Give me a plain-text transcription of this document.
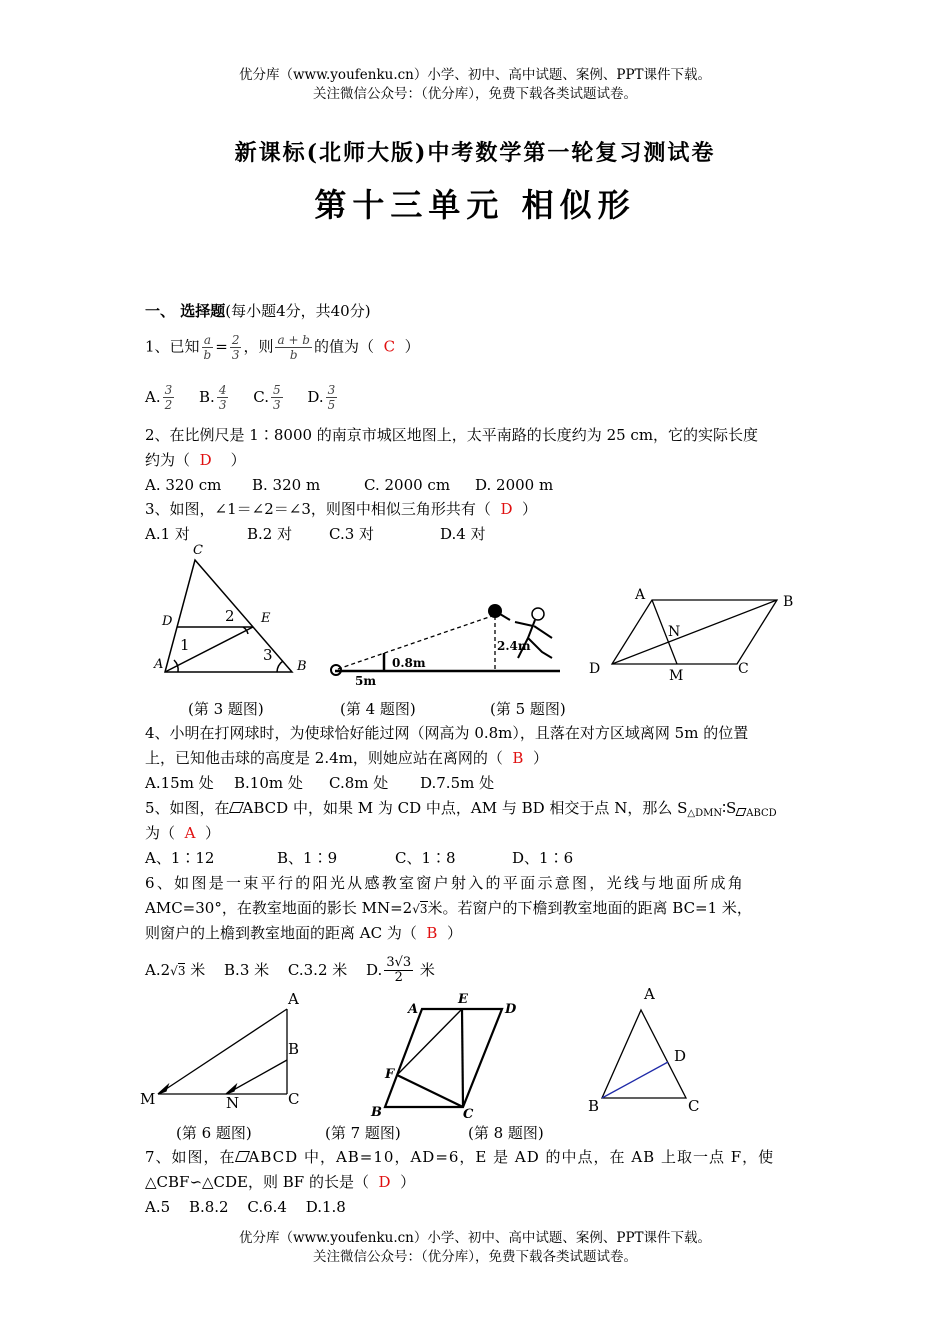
优分库（www.youfenku.cn）小学、初中、高中试题、案例、PPT课件下载。
关注微信公众号：（优分库），免费下载各类试题试卷。
新课标(北师大版)中考数学第一轮复习测试卷
第十三单元 相似形
一、 选择题(每小题4分，共40分)
1、已知 $\frac{a}{b} = \frac{2}{3}$ ，则 $\frac{a + b}{b}$ 的值为（ C ）
A. $\frac{3}{2} B$. $\frac{4}{3} C$. $\frac{5}{3} D$. $\frac{3}{5}$
2、在比例尺是 1∶8000 的南京市城区地图上，太平南路的长度约为 25 cm，它的实际长度
约为（ D ）
A. 320 cm B. 320 m	C. 2000 cm D. 2000 m
3、如图，∠1＝∠2＝∠3，则图中相似三角形共有（ D ）
A.1 对	B.2 对 C.3 对	D.4 对
C
D	E
A	B
1
2
3	0.8m
2.4m
5m
A	B
C
D	M
N
(第 3 题图)	(第 4 题图)	(第 5 题图)
4、小明在打网球时，为使球恰好能过网（网高为 0.8m），且落在对方区域离网 5m 的位置
上，已知他击球的高度是 2.4m，则她应站在离网的（ B ）
A.15m 处 B.10m 处 C.8m 处 D.7.5m 处
5、如图，在 ABCD 中，如果 M 为 CD 中点，AM 与 BD 相交于点 N，那么 $S_{\triangle DMN}∶S$ $_{ABCD}$
为（ A ）
A、1∶12	B、1∶9	C、1∶8	D、1∶6
6、如图是一束平行的阳光从感教室窗户射入的平面示意图，光线与地面所成角
AMC=30°，在教室地面的影长 MN=2√3米。若窗户的下檐到教室地面的距离 BC=1 米，
则窗户的上檐到教室地面的距离 AC 为（ B ）
A.2√3 米 B.3 米 C.3.2 米 D. $\frac{3√3}{2}$ 米
A
B
C
M	N
A
E
D
F
B	C
A
D
B	C
(第 6 题图)	(第 7 题图)	(第 8 题图)
7、如图，在 ABCD 中，AB=10，AD=6，E 是 AD 的中点，在 AB 上取一点 F，使
△CBF∽△CDE，则 BF 的长是（ D ）
A.5 B.8.2 C.6.4 D.1.8
优分库（www.youfenku.cn）小学、初中、高中试题、案例、PPT课件下载。
关注微信公众号：（优分库），免费下载各类试题试卷。
